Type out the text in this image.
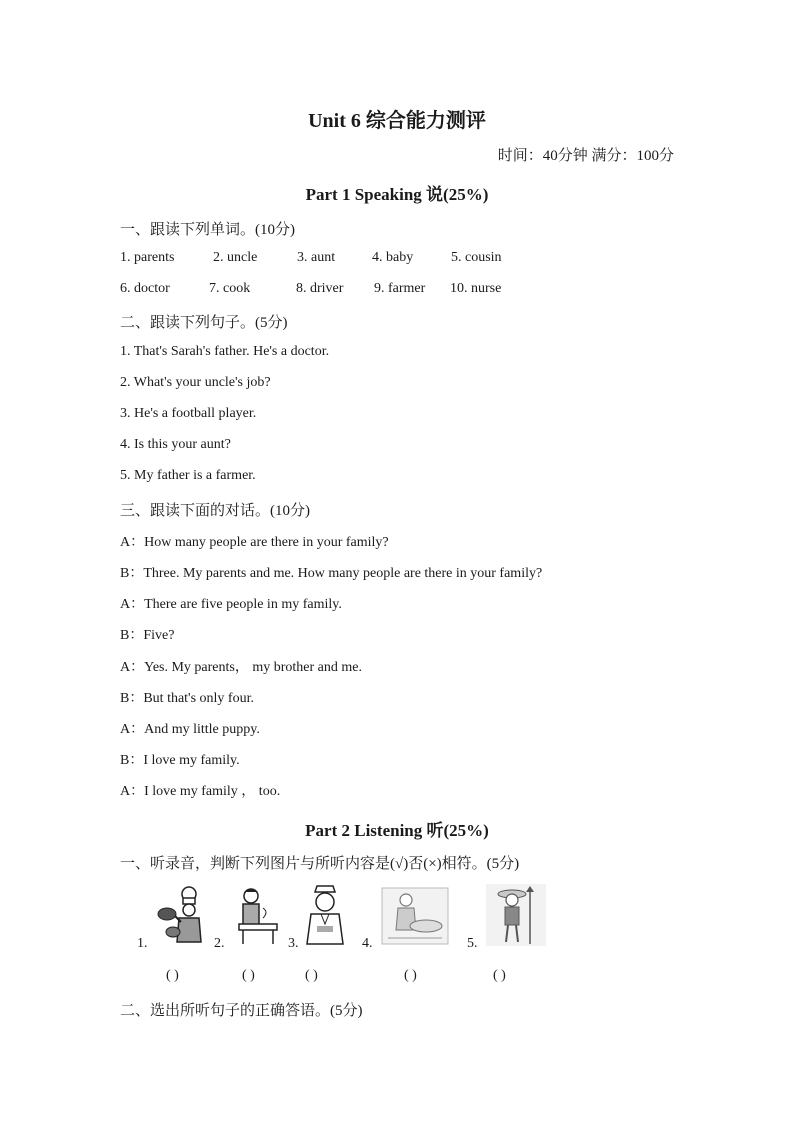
Unit 6 综合能力测评
时间：40分钟 满分：100分
Part 1 Speaking 说(25%)
一、跟读下列单词。(10分)
1. parents	2. uncle	3. aunt	4. baby	5. cousin
6. doctor	7. cook	8. driver 9. farmer 10. nurse
二、跟读下列句子。(5分)
1. That's Sarah's father. He's a doctor.
2. What's your uncle's job?
3. He's a football player.
4. Is this your aunt?
5. My father is a farmer.
三、跟读下面的对话。(10分)
A：How many people are there in your family?
B：Three. My parents and me. How many people are there in your family?
A：There are five people in my family.
B：Five?
A：Yes. My parents， my brother and me.
B：But that's only four.
A：And my little puppy.
B：I love my family.
A：I love my family ， too.
Part 2 Listening 听(25%)
一、听录音，判断下列图片与所听内容是(√)否(×)相符。(5分)
1.	2.	3.	4.	5.
( )	( )	( )	( )	( )
二、选出所听句子的正确答语。(5分)
